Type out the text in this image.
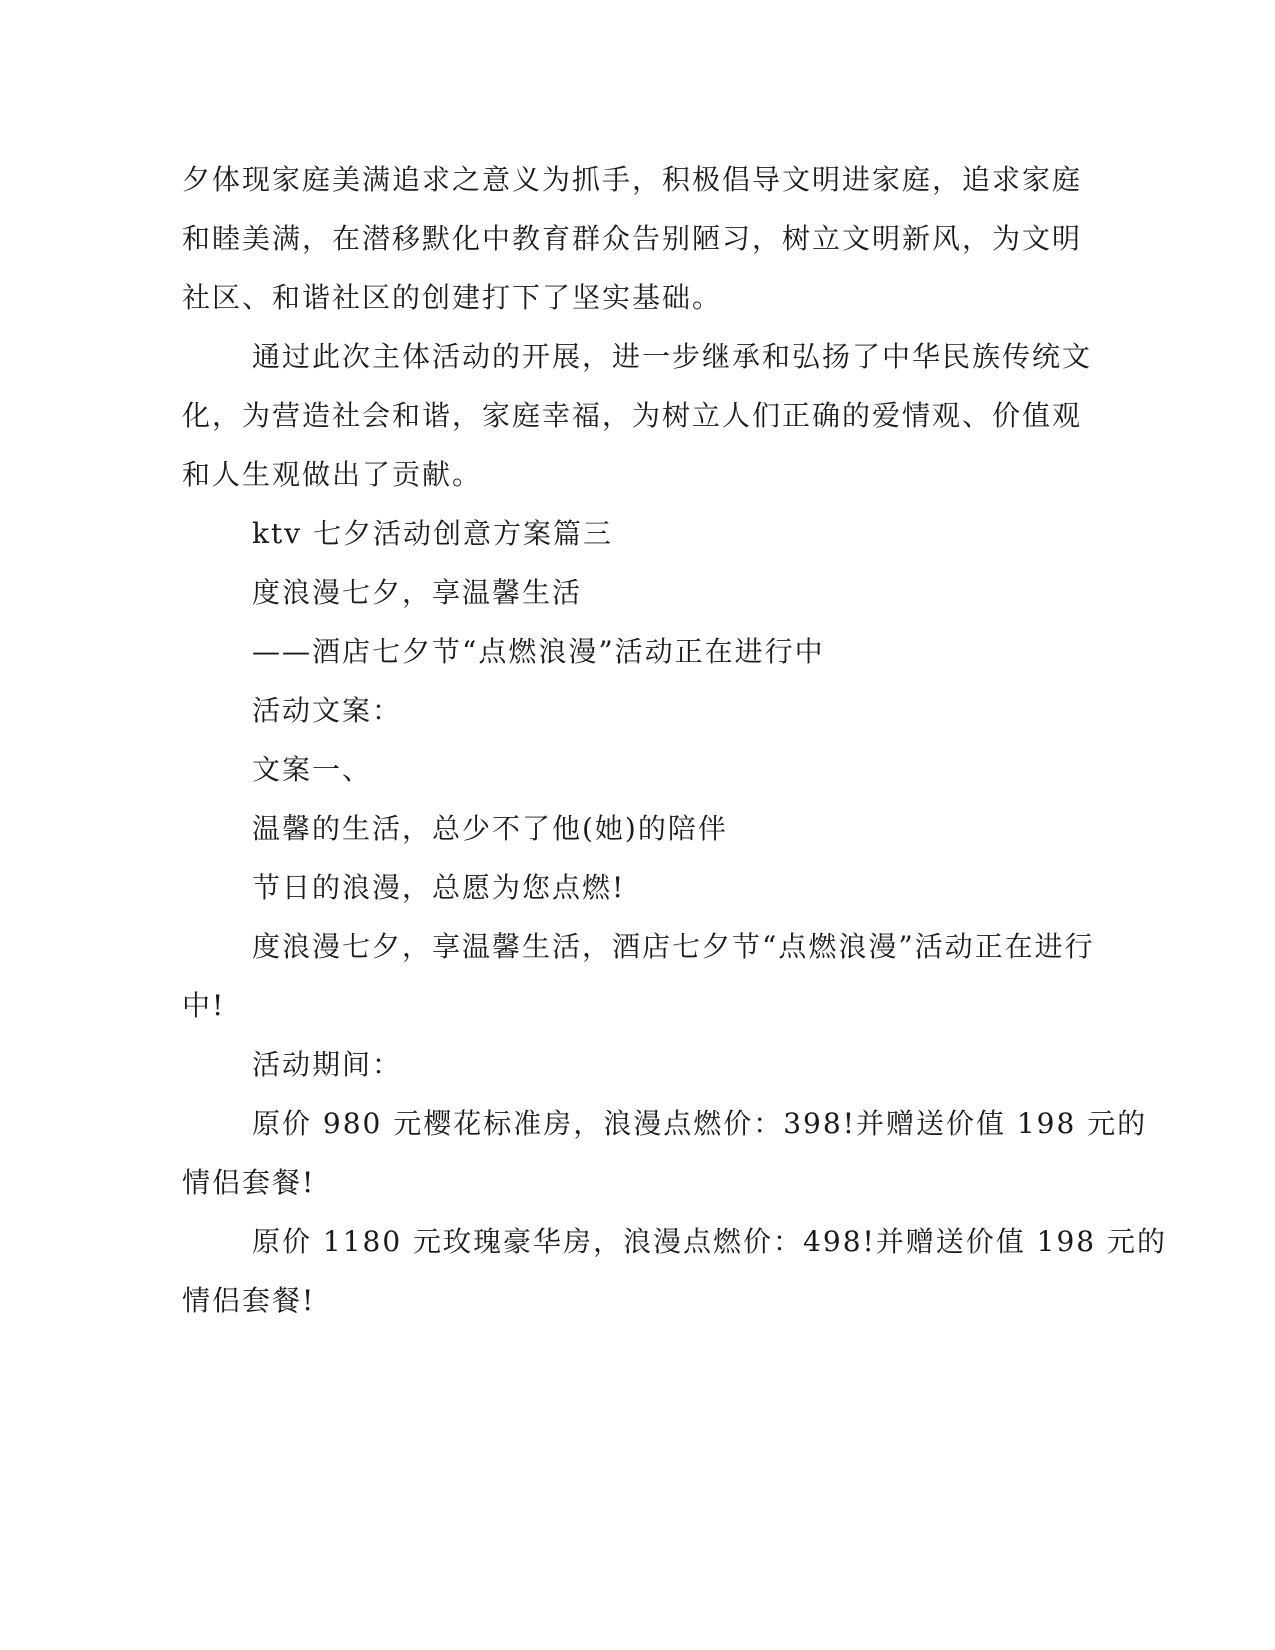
夕体现家庭美满追求之意义为抓手，积极倡导文明进家庭，追求家庭
和睦美满，在潜移默化中教育群众告别陋习，树立文明新风，为文明
社区、和谐社区的创建打下了坚实基础。
通过此次主体活动的开展，进一步继承和弘扬了中华民族传统文
化，为营造社会和谐，家庭幸福，为树立人们正确的爱情观、价值观
和人生观做出了贡献。
ktv 七夕活动创意方案篇三
度浪漫七夕，享温馨生活
——酒店七夕节“点燃浪漫”活动正在进行中
活动文案：
文案一、
温馨的生活，总少不了他(她)的陪伴
节日的浪漫，总愿为您点燃!
度浪漫七夕，享温馨生活，酒店七夕节“点燃浪漫”活动正在进行
中!
活动期间：
原价 980 元樱花标准房，浪漫点燃价：398!并赠送价值 198 元的
情侣套餐!
原价 1180 元玫瑰豪华房，浪漫点燃价：498!并赠送价值 198 元的
情侣套餐!
